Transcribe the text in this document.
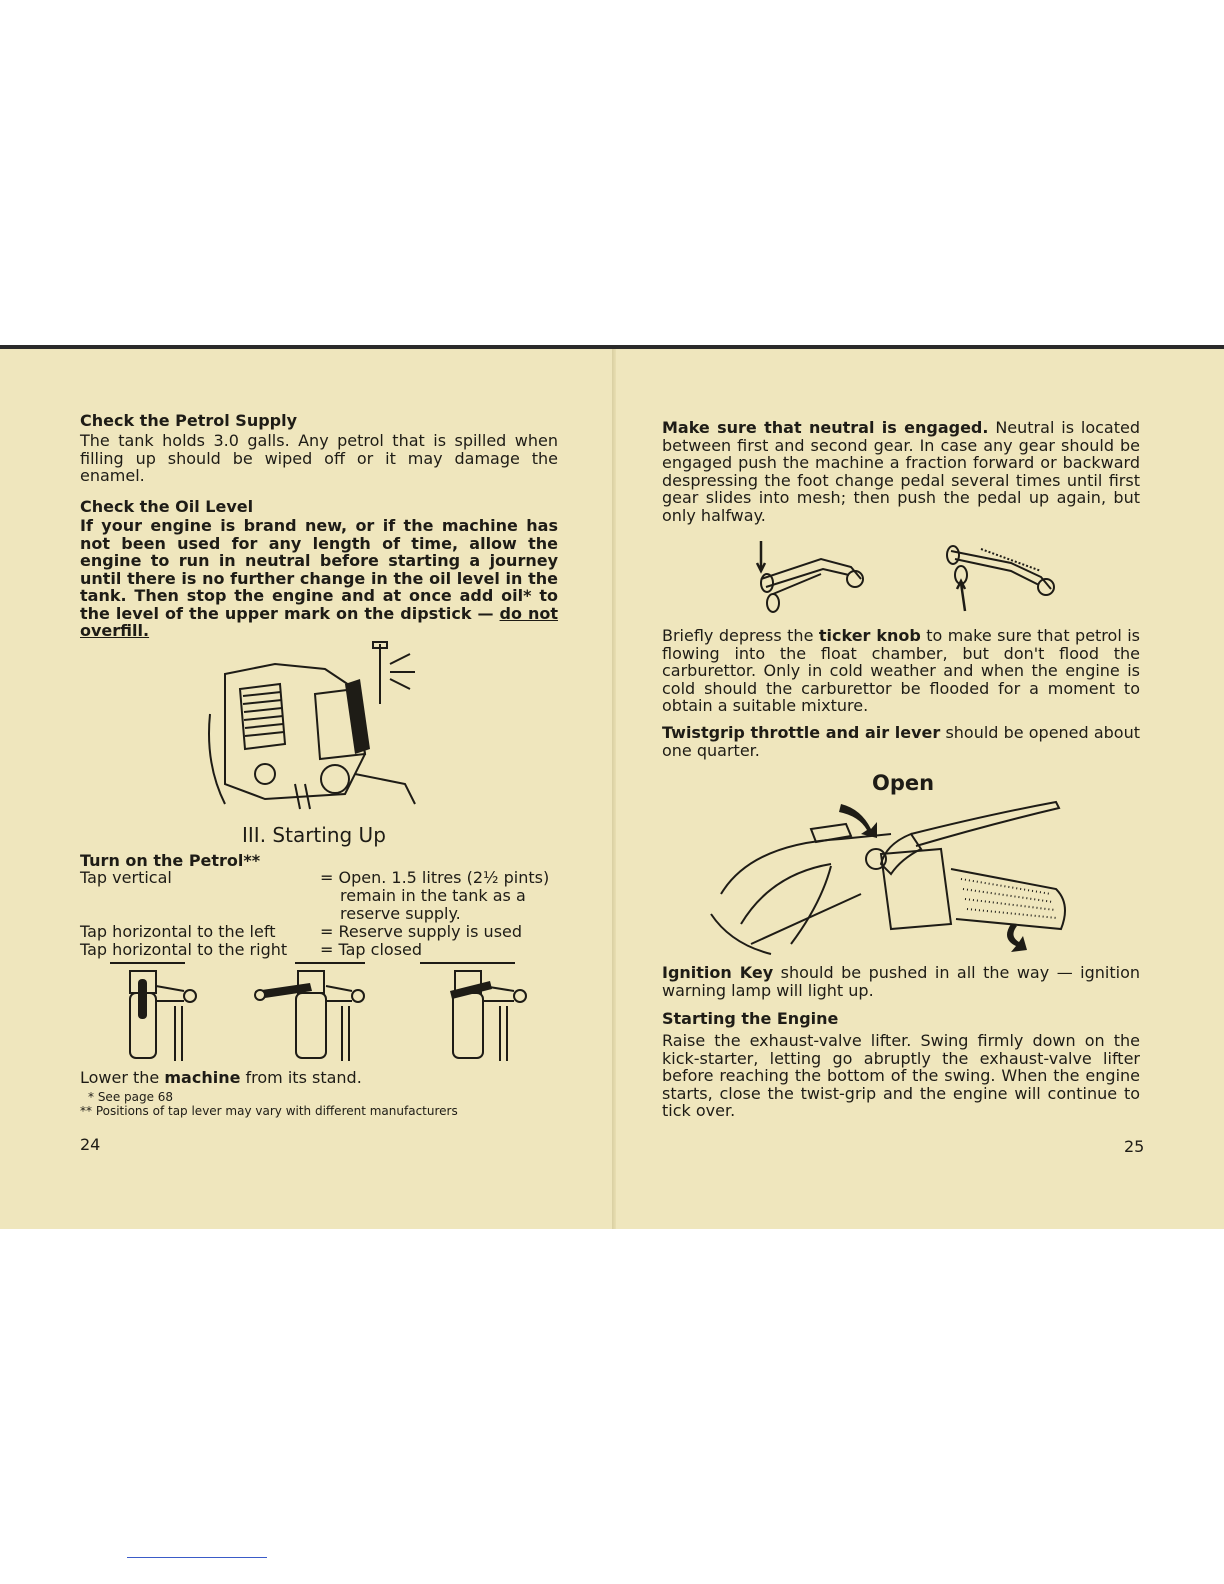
Check the Petrol Supply

The tank holds 3.0 galls. Any petrol that is spilled when filling up should be wiped off or it may damage the enamel.

Check the Oil Level

If your engine is brand new, or if the machine has not been used for any length of time, allow the engine to run in neutral before starting a journey until there is no further change in the oil level in the tank. Then stop the engine and at once add oil* to the level of the upper mark on the dipstick — do not overfill.

III. Starting Up
Turn on the Petrol**
Tap vertical	= Open. 1.5 litres (2½ pints)
remain in the tank as a
reserve supply.
Tap horizontal to the left	= Reserve supply is used
Tap horizontal to the right = Tap closed
Lower the machine from its stand.
* See page 68
** Positions of tap lever may vary with different manufacturers
24

Make sure that neutral is engaged. Neutral is located between first and second gear. In case any gear should be engaged push the machine a fraction forward or backward despressing the foot change pedal several times until first gear slides into mesh; then push the pedal up again, but only halfway.

Briefly depress the ticker knob to make sure that petrol is flowing into the float chamber, but don't flood the carburettor. Only in cold weather and when the engine is cold should the carburettor be flooded for a moment to obtain a suitable mixture.

Twistgrip throttle and air lever should be opened about one quarter.

Open

Ignition Key should be pushed in all the way — ignition warning lamp will light up.

Starting the Engine

Raise the exhaust-valve lifter. Swing firmly down on the kick-starter, letting go abruptly the exhaust-valve lifter before reaching the bottom of the swing. When the engine starts, close the twist-grip and the engine will continue to tick over.

25
